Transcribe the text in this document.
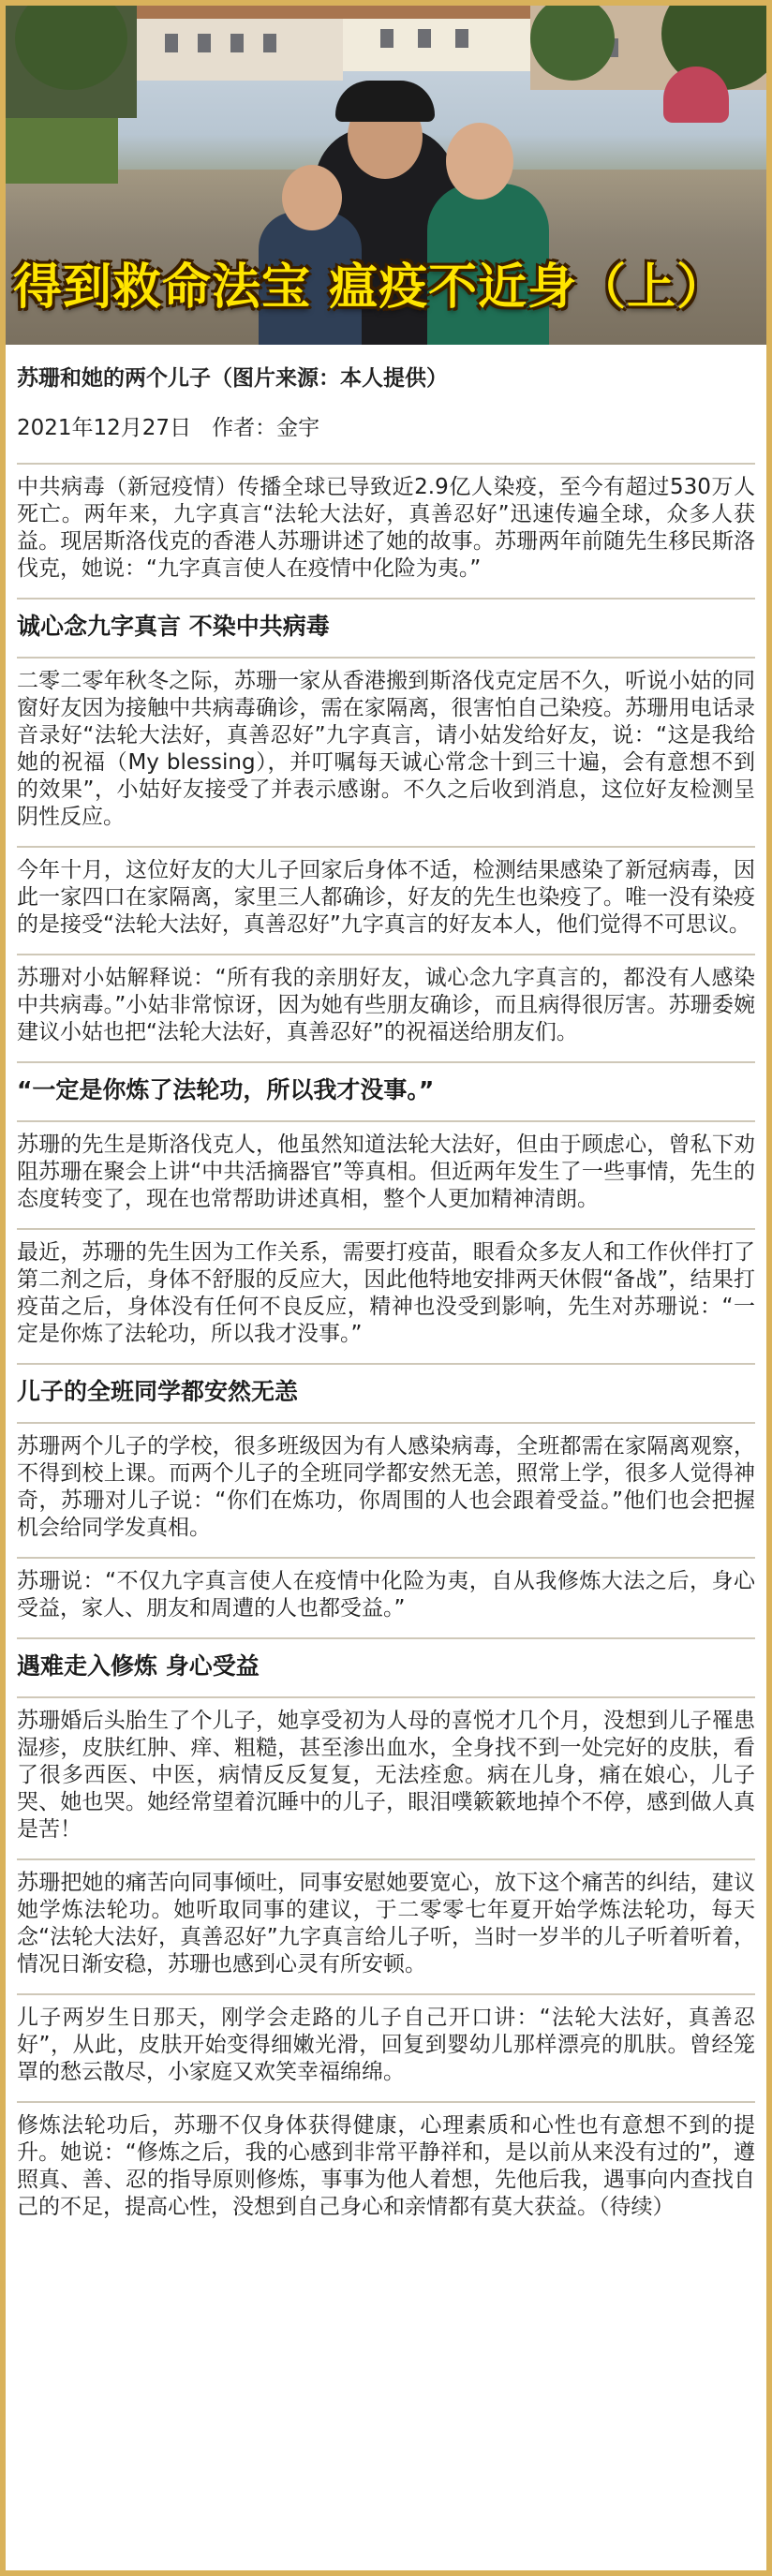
得到救命法宝 瘟疫不近身（上）

苏珊和她的两个儿子（图片来源：本人提供）

2021年12月27日 作者：金宇

中共病毒（新冠疫情）传播全球已导致近2.9亿人染疫，至今有超过530万人死亡。两年来，九字真言“法轮大法好，真善忍好”迅速传遍全球，众多人获益。现居斯洛伐克的香港人苏珊讲述了她的故事。苏珊两年前随先生移民斯洛伐克，她说：“九字真言使人在疫情中化险为夷。”

诚心念九字真言 不染中共病毒

二零二零年秋冬之际，苏珊一家从香港搬到斯洛伐克定居不久，听说小姑的同窗好友因为接触中共病毒确诊，需在家隔离，很害怕自己染疫。苏珊用电话录音录好“法轮大法好，真善忍好”九字真言，请小姑发给好友，说：“这是我给她的祝福（My blessing），并叮嘱每天诚心常念十到三十遍，会有意想不到的效果”，小姑好友接受了并表示感谢。不久之后收到消息，这位好友检测呈阴性反应。

今年十月，这位好友的大儿子回家后身体不适，检测结果感染了新冠病毒，因此一家四口在家隔离，家里三人都确诊，好友的先生也染疫了。唯一没有染疫的是接受“法轮大法好，真善忍好”九字真言的好友本人，他们觉得不可思议。

苏珊对小姑解释说：“所有我的亲朋好友，诚心念九字真言的，都没有人感染中共病毒。”小姑非常惊讶，因为她有些朋友确诊，而且病得很厉害。苏珊委婉建议小姑也把“法轮大法好，真善忍好”的祝福送给朋友们。

“一定是你炼了法轮功，所以我才没事。”

苏珊的先生是斯洛伐克人，他虽然知道法轮大法好，但由于顾虑心，曾私下劝阻苏珊在聚会上讲“中共活摘器官”等真相。但近两年发生了一些事情，先生的态度转变了，现在也常帮助讲述真相，整个人更加精神清朗。

最近，苏珊的先生因为工作关系，需要打疫苗，眼看众多友人和工作伙伴打了第二剂之后，身体不舒服的反应大，因此他特地安排两天休假“备战”，结果打疫苗之后，身体没有任何不良反应，精神也没受到影响，先生对苏珊说：“一定是你炼了法轮功，所以我才没事。”

儿子的全班同学都安然无恙

苏珊两个儿子的学校，很多班级因为有人感染病毒，全班都需在家隔离观察，不得到校上课。而两个儿子的全班同学都安然无恙，照常上学，很多人觉得神奇，苏珊对儿子说：“你们在炼功，你周围的人也会跟着受益。”他们也会把握机会给同学发真相。

苏珊说：“不仅九字真言使人在疫情中化险为夷，自从我修炼大法之后，身心受益，家人、朋友和周遭的人也都受益。”

遇难走入修炼 身心受益

苏珊婚后头胎生了个儿子，她享受初为人母的喜悦才几个月，没想到儿子罹患湿疹，皮肤红肿、痒、粗糙，甚至渗出血水，全身找不到一处完好的皮肤，看了很多西医、中医，病情反反复复，无法痊愈。病在儿身，痛在娘心，儿子哭、她也哭。她经常望着沉睡中的儿子，眼泪噗簌簌地掉个不停，感到做人真是苦！

苏珊把她的痛苦向同事倾吐，同事安慰她要宽心，放下这个痛苦的纠结，建议她学炼法轮功。她听取同事的建议，于二零零七年夏开始学炼法轮功，每天念“法轮大法好，真善忍好”九字真言给儿子听，当时一岁半的儿子听着听着，情况日渐安稳，苏珊也感到心灵有所安顿。

儿子两岁生日那天，刚学会走路的儿子自己开口讲：“法轮大法好，真善忍好”，从此，皮肤开始变得细嫩光滑，回复到婴幼儿那样漂亮的肌肤。曾经笼罩的愁云散尽，小家庭又欢笑幸福绵绵。

修炼法轮功后，苏珊不仅身体获得健康，心理素质和心性也有意想不到的提升。她说：“修炼之后，我的心感到非常平静祥和，是以前从来没有过的”，遵照真、善、忍的指导原则修炼，事事为他人着想，先他后我，遇事向内查找自己的不足，提高心性，没想到自己身心和亲情都有莫大获益。（待续）
